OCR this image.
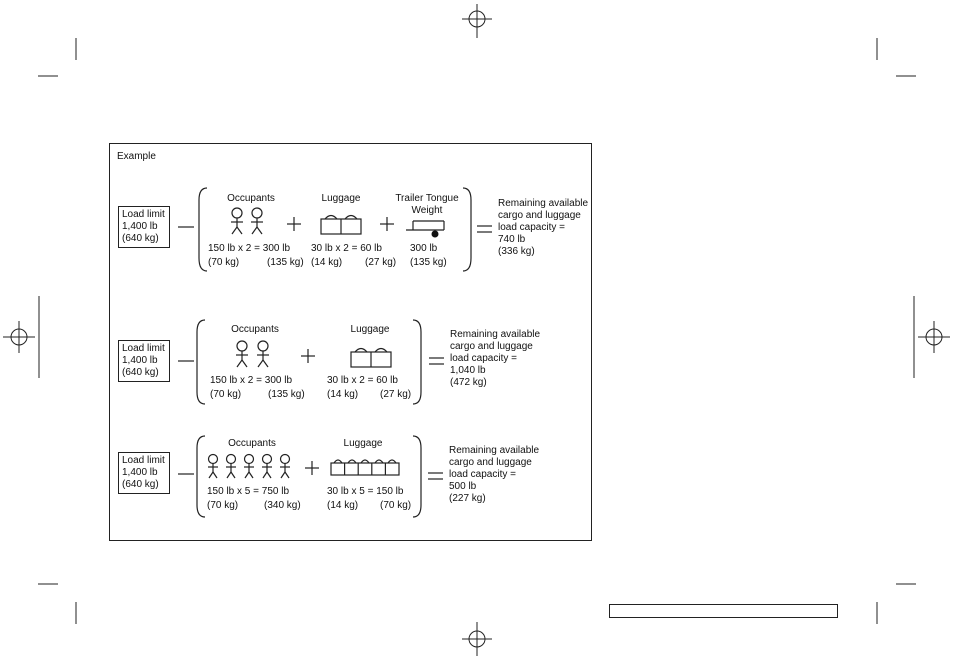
Example
Load limit
1,400 lb
(640 kg)
Occupants
150 lb x 2 = 300 lb
(70 kg)	(135 kg)
Luggage
30 lb x 2 = 60 lb
(14 kg) (27 kg)
Trailer Tongue
Weight
300 lb
(135 kg)
Remaining available
cargo and luggage
load capacity =
740 lb
(336 kg)
Load limit
1,400 lb
(640 kg)
Occupants
150 lb x 2 = 300 lb
(70 kg)	(135 kg)
Luggage
30 lb x 2 = 60 lb
(14 kg) (27 kg)
Remaining available
cargo and luggage
load capacity =
1,040 lb
(472 kg)
Load limit
1,400 lb
(640 kg)
Occupants
150 lb x 5 = 750 lb
(70 kg)	(340 kg)
Luggage
30 lb x 5 = 150 lb
(14 kg) (70 kg)
Remaining available
cargo and luggage
load capacity =
500 lb
(227 kg)
